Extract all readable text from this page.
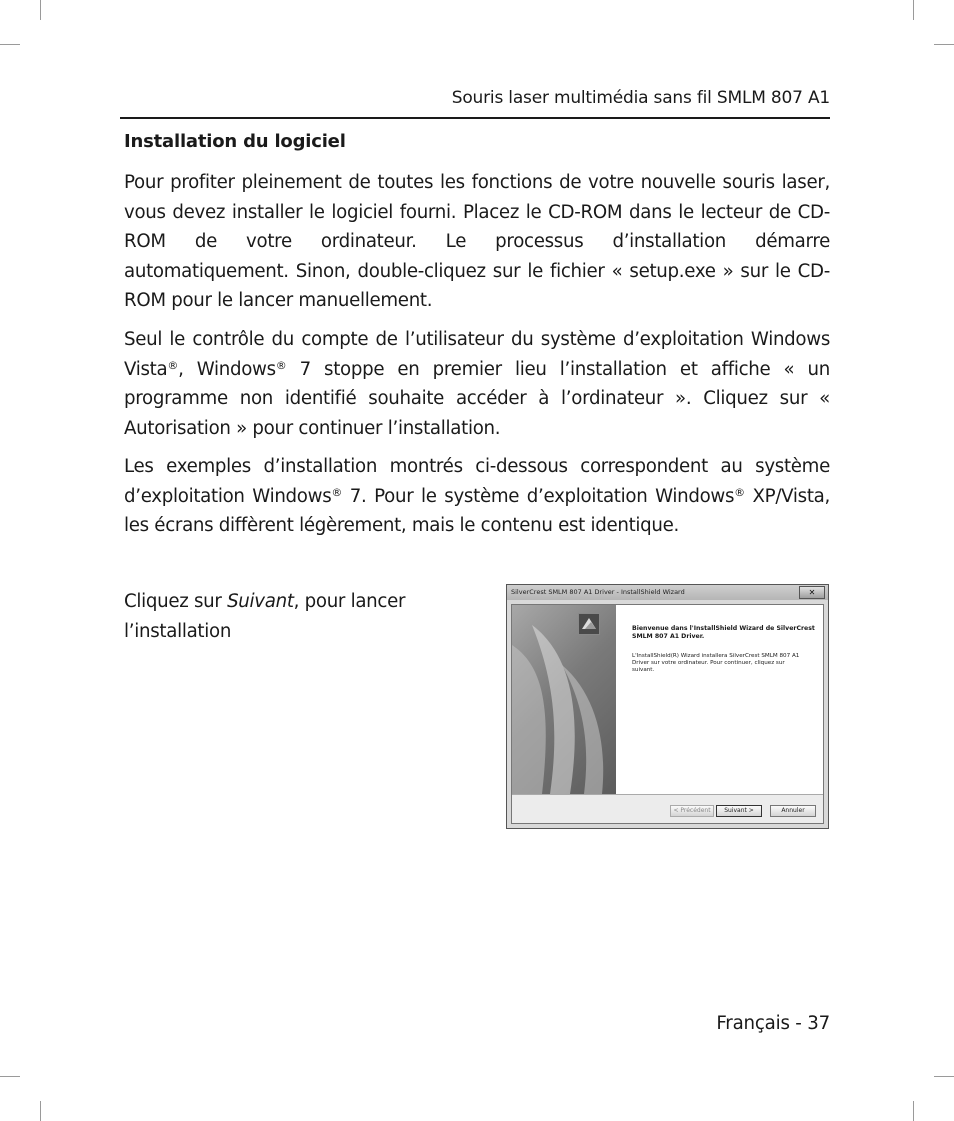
Souris laser multimédia sans fil SMLM 807 A1
Installation du logiciel
Pour profiter pleinement de toutes les fonctions de votre nouvelle souris laser, vous devez installer le logiciel fourni. Placez le CD-ROM dans le lecteur de CD-ROM de votre ordinateur. Le processus d’installation démarre automatiquement. Sinon, double-cliquez sur le fichier « setup.exe » sur le CD-ROM pour le lancer manuellement.
Seul le contrôle du compte de l’utilisateur du système d’exploitation Windows Vista®, Windows® 7 stoppe en premier lieu l’installation et affiche « un programme non identifié souhaite accéder à l’ordinateur ». Cliquez sur « Autorisation » pour continuer l’installation.
Les exemples d’installation montrés ci-dessous correspondent au système d’exploitation Windows® 7. Pour le système d’exploitation Windows® XP/Vista, les écrans diffèrent légèrement, mais le contenu est identique.
Cliquez sur Suivant, pour lancer l’installation
SilverCrest SMLM 807 A1 Driver - InstallShield Wizard	✕
Bienvenue dans l'InstallShield Wizard de SilverCrest SMLM 807 A1 Driver.
L'InstallShield(R) Wizard installera SilverCrest SMLM 807 A1 Driver sur votre ordinateur. Pour continuer, cliquez sur suivant.
< Précédent	Suivant >	Annuler
Français - 37
